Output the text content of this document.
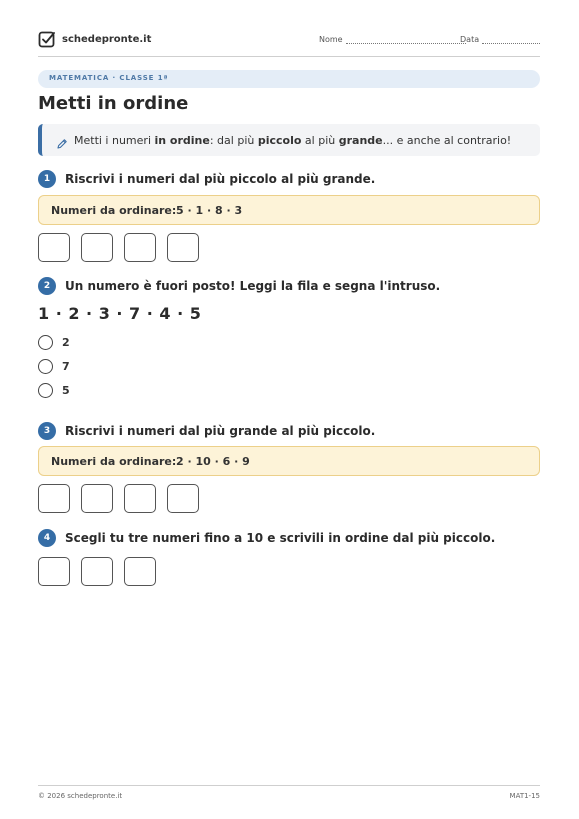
schedepronte.it	Nome	Data
MATEMATICA · CLASSE 1ª
Metti in ordine
Metti i numeri in ordine: dal più piccolo al più grande... e anche al contrario!
1	Riscrivi i numeri dal più piccolo al più grande.
Numeri da ordinare: 5 · 1 · 8 · 3
2	Un numero è fuori posto! Leggi la fila e segna l'intruso.
1 · 2 · 3 · 7 · 4 · 5
2
7
5
3	Riscrivi i numeri dal più grande al più piccolo.
Numeri da ordinare: 2 · 10 · 6 · 9
4	Scegli tu tre numeri fino a 10 e scrivili in ordine dal più piccolo.
© 2026 schedepronte.it	MAT1-15
